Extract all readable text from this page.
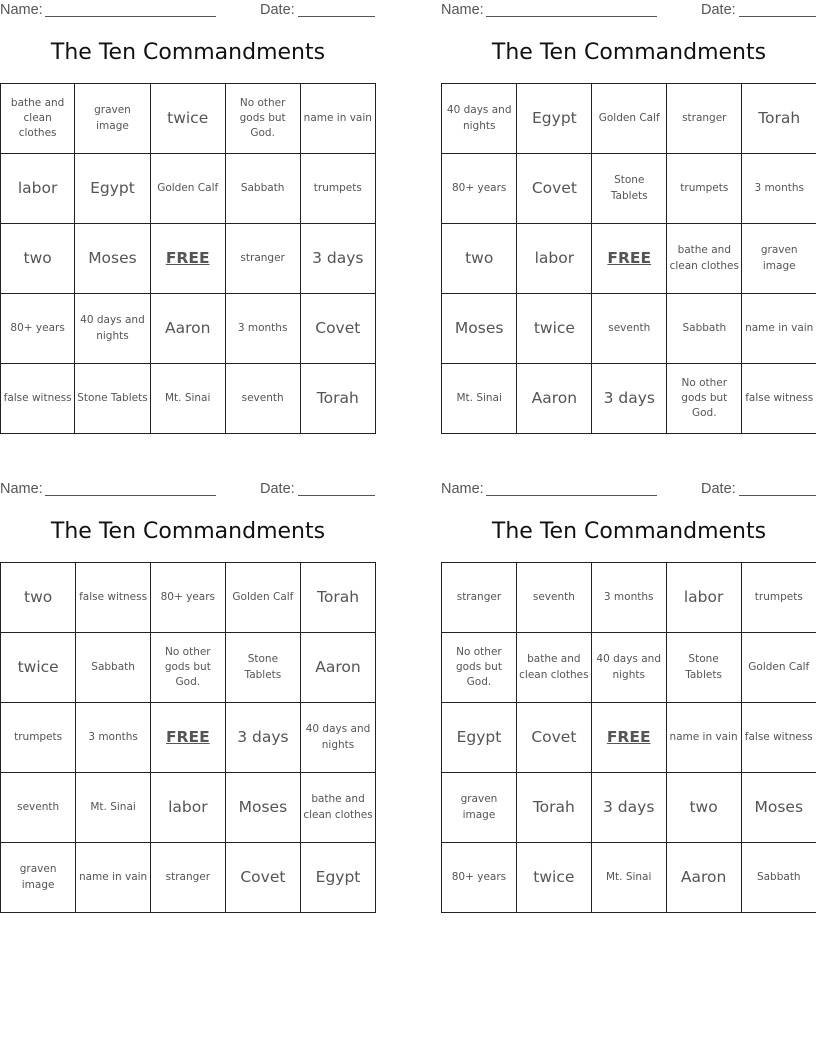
Name:	Date:
The Ten Commandments
bathe and clean clothes	graven image	twice	No other gods but God.	name in vain
labor	Egypt	Golden Calf	Sabbath	trumpets
two	Moses	FREE	stranger	3 days
80+ years	40 days and nights	Aaron	3 months	Covet
false witness	Stone Tablets	Mt. Sinai	seventh	Torah
Name:	Date:
The Ten Commandments
40 days and nights	Egypt	Golden Calf	stranger	Torah
80+ years	Covet	Stone Tablets	trumpets	3 months
two	labor	FREE	bathe and clean clothes	graven image
Moses	twice	seventh	Sabbath	name in vain
Mt. Sinai	Aaron	3 days	No other gods but God.	false witness
Name:	Date:
The Ten Commandments
two	false witness	80+ years	Golden Calf	Torah
twice	Sabbath	No other gods but God.	Stone Tablets	Aaron
trumpets	3 months	FREE	3 days	40 days and nights
seventh	Mt. Sinai	labor	Moses	bathe and clean clothes
graven image	name in vain	stranger	Covet	Egypt
Name:	Date:
The Ten Commandments
stranger	seventh	3 months	labor	trumpets
No other gods but God.	bathe and clean clothes	40 days and nights	Stone Tablets	Golden Calf
Egypt	Covet	FREE	name in vain	false witness
graven image	Torah	3 days	two	Moses
80+ years	twice	Mt. Sinai	Aaron	Sabbath
